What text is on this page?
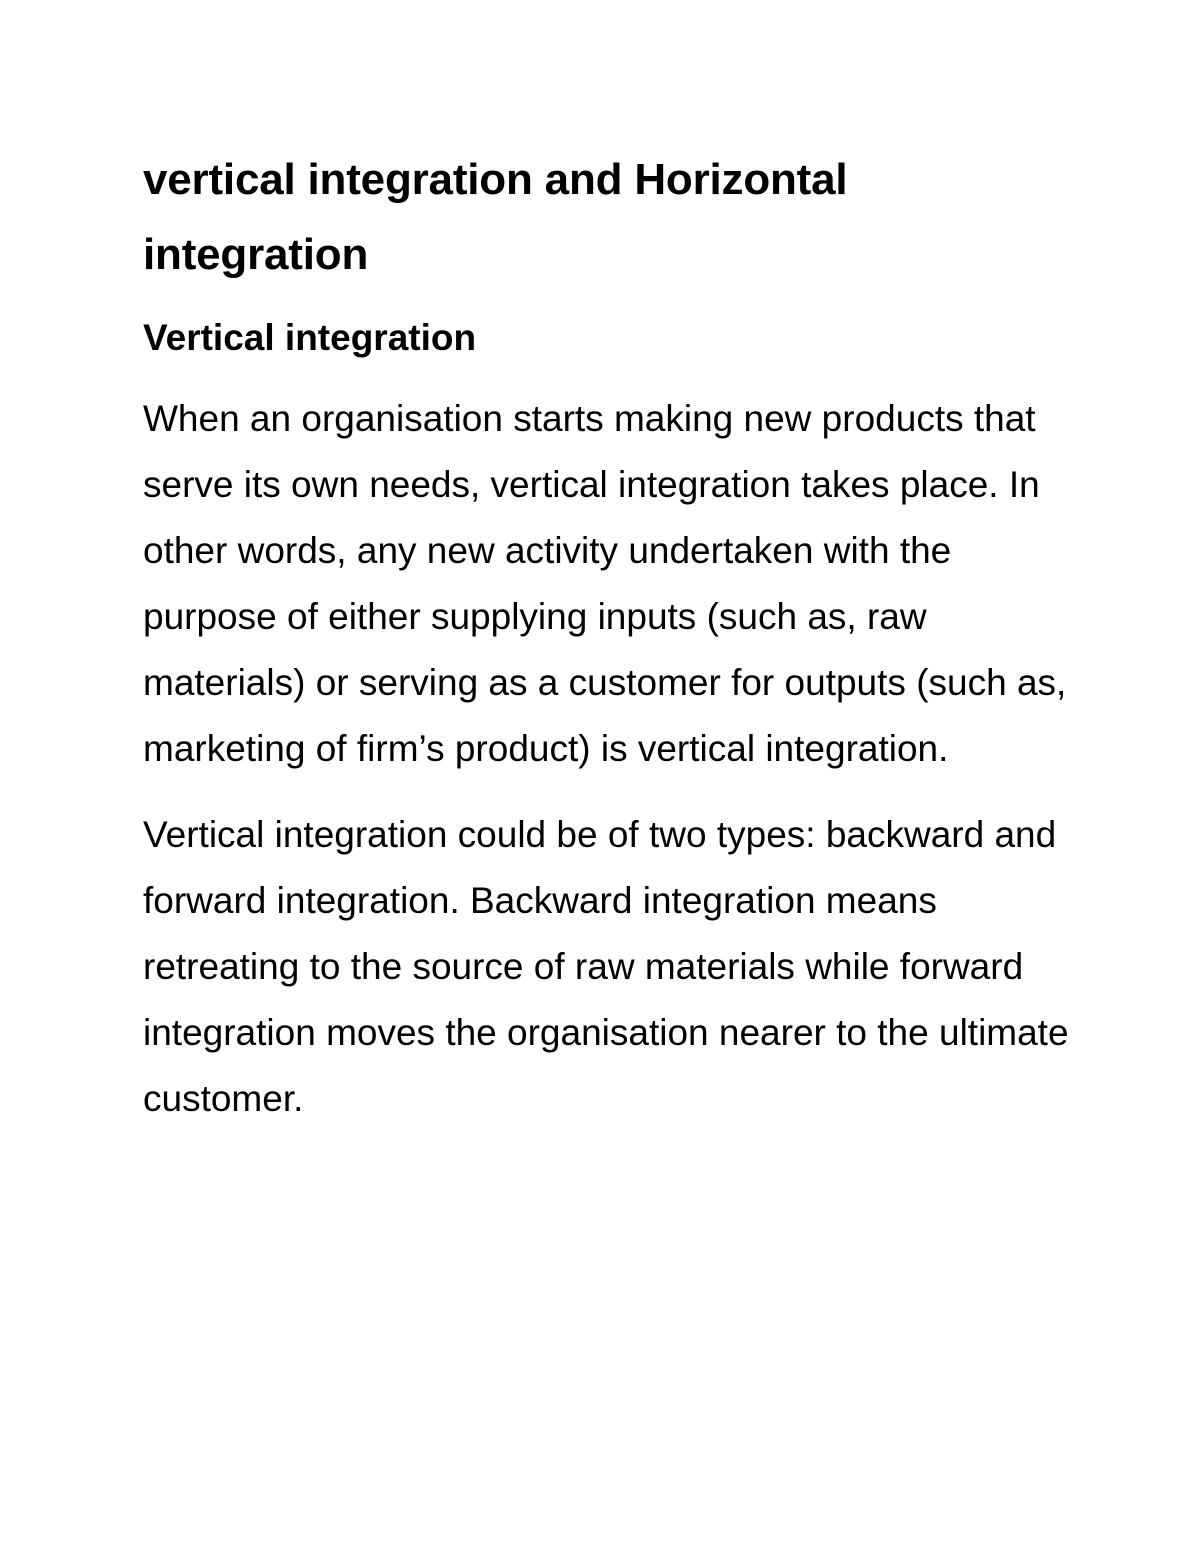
vertical integration and Horizontal integration
Vertical integration

When an organisation starts making new products that serve its own needs, vertical integration takes place. In other words, any new activity undertaken with the purpose of either supplying inputs (such as, raw materials) or serving as a customer for outputs (such as, marketing of firm’s product) is vertical integration.

Vertical integration could be of two types: backward and forward integration. Backward integration means retreating to the source of raw materials while forward integration moves the organisation nearer to the ultimate customer.
